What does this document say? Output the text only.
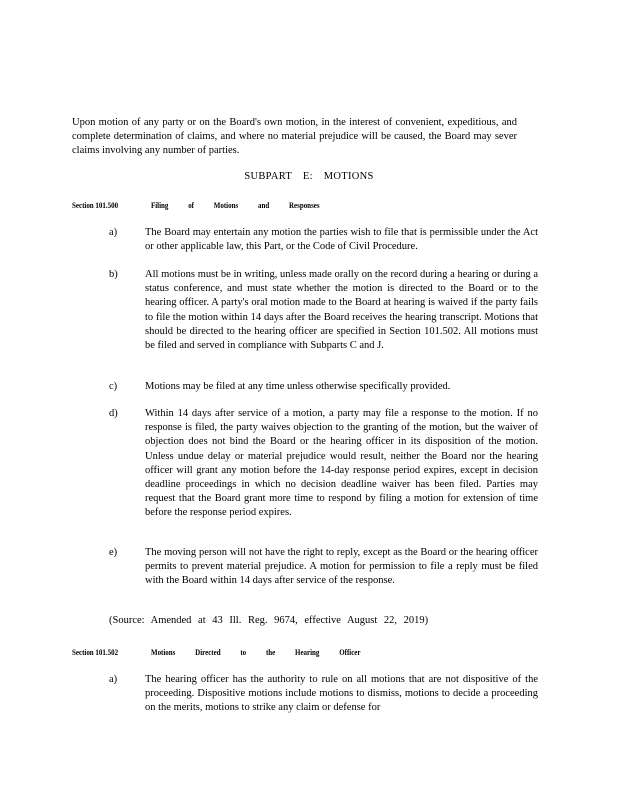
Upon motion of any party or on the Board's own motion, in the interest of convenient, expeditious, and complete determination of claims, and where no material prejudice will be caused, the Board may sever claims involving any number of parties.
SUBPART E: MOTIONS
Section 101.500	Filing of Motions and Responses
a)	The Board may entertain any motion the parties wish to file that is permissible under the Act or other applicable law, this Part, or the Code of Civil Procedure.
b)	All motions must be in writing, unless made orally on the record during a hearing or during a status conference, and must state whether the motion is directed to the Board or to the hearing officer. A party's oral motion made to the Board at hearing is waived if the party fails to file the motion within 14 days after the Board receives the hearing transcript. Motions that should be directed to the hearing officer are specified in Section 101.502. All motions must be filed and served in compliance with Subparts C and J.
c)	Motions may be filed at any time unless otherwise specifically provided.
d)	Within 14 days after service of a motion, a party may file a response to the motion. If no response is filed, the party waives objection to the granting of the motion, but the waiver of objection does not bind the Board or the hearing officer in its disposition of the motion. Unless undue delay or material prejudice would result, neither the Board nor the hearing officer will grant any motion before the 14-day response period expires, except in decision deadline proceedings in which no decision deadline waiver has been filed. Parties may request that the Board grant more time to respond by filing a motion for extension of time before the response period expires.
e)	The moving person will not have the right to reply, except as the Board or the hearing officer permits to prevent material prejudice. A motion for permission to file a reply must be filed with the Board within 14 days after service of the response.
(Source: Amended at 43 Ill. Reg. 9674, effective August 22, 2019)
Section 101.502	Motions Directed to the Hearing Officer
a)	The hearing officer has the authority to rule on all motions that are not dispositive of the proceeding. Dispositive motions include motions to dismiss, motions to decide a proceeding on the merits, motions to strike any claim or defense for
